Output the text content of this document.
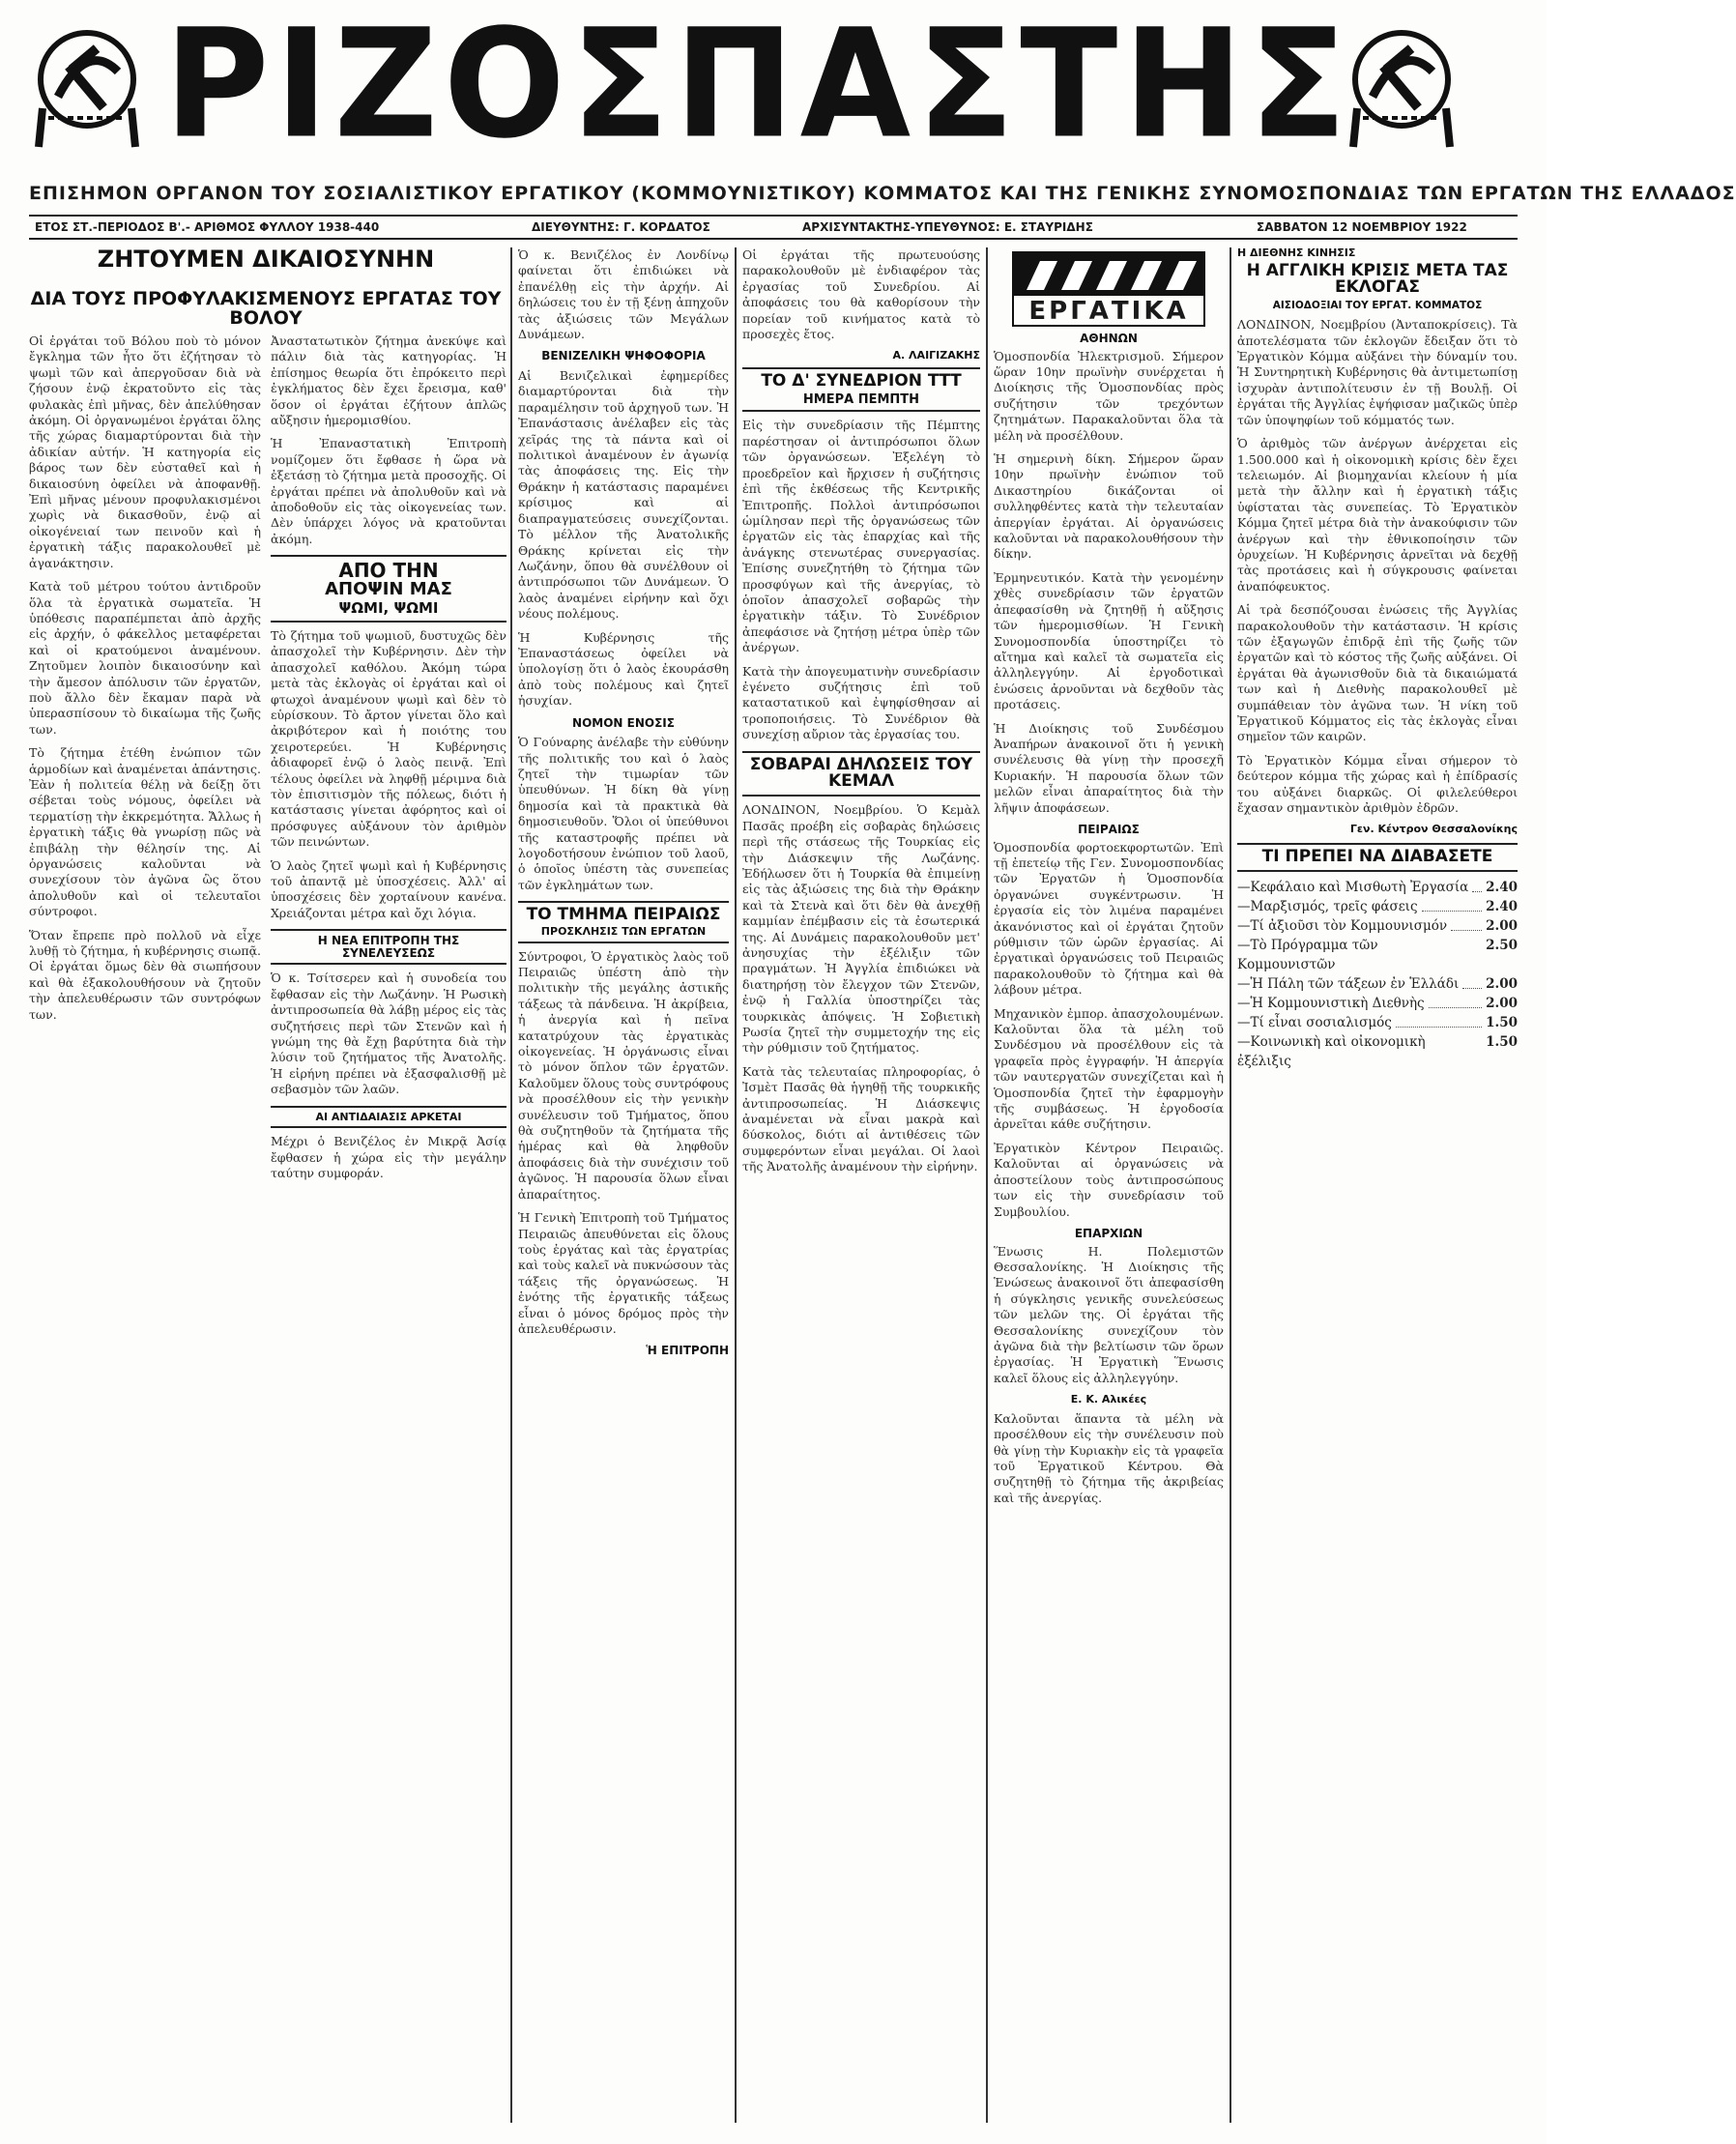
ΡΙΖΟΣΠΑΣΤΗΣ
ΕΠΙΣΗΜΟΝ ΟΡΓΑΝΟΝ ΤΟΥ ΣΟΣΙΑΛΙΣΤΙΚΟΥ ΕΡΓΑΤΙΚΟΥ (ΚΟΜΜΟΥΝΙΣΤΙΚΟΥ) ΚΟΜΜΑΤΟΣ ΚΑΙ ΤΗΣ ΓΕΝΙΚΗΣ ΣΥΝΟΜΟΣΠΟΝΔΙΑΣ ΤΩΝ ΕΡΓΑΤΩΝ ΤΗΣ ΕΛΛΑΔΟΣ
ΕΤΟΣ ΣΤ.-ΠΕΡΙΟΔΟΣ Β'.- ΑΡΙΘΜΟΣ ΦΥΛΛΟΥ 1938-440	ΔΙΕΥΘΥΝΤΗΣ: Γ. ΚΟΡΔΑΤΟΣ	ΑΡΧΙΣΥΝΤΑΚΤΗΣ-ΥΠΕΥΘΥΝΟΣ: Ε. ΣΤΑΥΡΙΔΗΣ	ΣΑΒΒΑΤΟΝ 12 ΝΟΕΜΒΡΙΟΥ 1922
ΖΗΤΟΥΜΕΝ ΔΙΚΑΙΟΣΥΝΗΝ
ΔΙΑ ΤΟΥΣ ΠΡΟΦΥΛΑΚΙΣΜΕΝΟΥΣ ΕΡΓΑΤΑΣ ΤΟΥ ΒΟΛΟΥ

Οἱ ἐργάται τοῦ Βόλου ποὺ τὸ μόνον ἔγκλημα τῶν ἦτο ὅτι ἐζήτησαν τὸ ψωμὶ τῶν καὶ ἀπεργοῦσαν διὰ νὰ ζήσουν ἐνῷ ἐκρατοῦντο εἰς τὰς φυλακὰς ἐπὶ μῆνας, δὲν ἀπελύθησαν ἀκόμη. Οἱ ὀργανωμένοι ἐργάται ὅλης τῆς χώρας διαμαρτύρονται διὰ τὴν ἀδικίαν αὐτήν. Ἡ κατηγορία εἰς βάρος των δὲν εὐσταθεῖ καὶ ἡ δικαιοσύνη ὀφείλει νὰ ἀποφανθῇ. Ἐπὶ μῆνας μένουν προφυλακισμένοι χωρὶς νὰ δικασθοῦν, ἐνῷ αἱ οἰκογένειαί των πεινοῦν καὶ ἡ ἐργατικὴ τάξις παρακολουθεῖ μὲ ἀγανάκτησιν.

Κατὰ τοῦ μέτρου τούτου ἀντιδροῦν ὅλα τὰ ἐργατικὰ σωματεῖα. Ἡ ὑπόθεσις παραπέμπεται ἀπὸ ἀρχῆς εἰς ἀρχήν, ὁ φάκελλος μεταφέρεται καὶ οἱ κρατούμενοι ἀναμένουν. Ζητοῦμεν λοιπὸν δικαιοσύνην καὶ τὴν ἄμεσον ἀπόλυσιν τῶν ἐργατῶν, ποὺ ἄλλο δὲν ἔκαμαν παρὰ νὰ ὑπερασπίσουν τὸ δικαίωμα τῆς ζωῆς των.

Τὸ ζήτημα ἐτέθη ἐνώπιον τῶν ἁρμοδίων καὶ ἀναμένεται ἀπάντησις. Ἐὰν ἡ πολιτεία θέλῃ νὰ δείξῃ ὅτι σέβεται τοὺς νόμους, ὀφείλει νὰ τερματίσῃ τὴν ἐκκρεμότητα. Ἄλλως ἡ ἐργατικὴ τάξις θὰ γνωρίσῃ πῶς νὰ ἐπιβάλῃ τὴν θέλησίν της. Αἱ ὀργανώσεις καλοῦνται νὰ συνεχίσουν τὸν ἀγῶνα ὣς ὅτου ἀπολυθοῦν καὶ οἱ τελευταῖοι σύντροφοι.

Ὅταν ἔπρεπε πρὸ πολλοῦ νὰ εἶχε λυθῇ τὸ ζήτημα, ἡ κυβέρνησις σιωπᾷ. Οἱ ἐργάται ὅμως δὲν θὰ σιωπήσουν καὶ θὰ ἐξακολουθήσουν νὰ ζητοῦν τὴν ἀπελευθέρωσιν τῶν συντρόφων των.

Ἀναστατωτικὸν ζήτημα ἀνεκύψε καὶ πάλιν διὰ τὰς κατηγορίας. Ἡ ἐπίσημος θεωρία ὅτι ἐπρόκειτο περὶ ἐγκλήματος δὲν ἔχει ἔρεισμα, καθ' ὅσον οἱ ἐργάται ἐζήτουν ἁπλῶς αὔξησιν ἡμερομισθίου.

Ἡ Ἐπαναστατικὴ Ἐπιτροπὴ νομίζομεν ὅτι ἔφθασε ἡ ὥρα νὰ ἐξετάσῃ τὸ ζήτημα μετὰ προσοχῆς. Οἱ ἐργάται πρέπει νὰ ἀπολυθοῦν καὶ νὰ ἀποδοθοῦν εἰς τὰς οἰκογενείας των. Δὲν ὑπάρχει λόγος νὰ κρατοῦνται ἀκόμη.

ΑΠΟ ΤΗΝ
ΑΠΟΨΙΝ ΜΑΣ
ΨΩΜΙ, ΨΩΜΙ

Τὸ ζήτημα τοῦ ψωμιοῦ, δυστυχῶς δὲν ἀπασχολεῖ τὴν Κυβέρνησιν. Δὲν τὴν ἀπασχολεῖ καθόλου. Ἀκόμη τώρα μετὰ τὰς ἐκλογὰς οἱ ἐργάται καὶ οἱ φτωχοὶ ἀναμένουν ψωμὶ καὶ δὲν τὸ εὑρίσκουν. Τὸ ἄρτον γίνεται ὅλο καὶ ἀκριβότερον καὶ ἡ ποιότης του χειροτερεύει. Ἡ Κυβέρνησις ἀδιαφορεῖ ἐνῷ ὁ λαὸς πεινᾷ. Ἐπὶ τέλους ὀφείλει νὰ ληφθῇ μέριμνα διὰ τὸν ἐπισιτισμὸν τῆς πόλεως, διότι ἡ κατάστασις γίνεται ἀφόρητος καὶ οἱ πρόσφυγες αὐξάνουν τὸν ἀριθμὸν τῶν πεινώντων.

Ὁ λαὸς ζητεῖ ψωμὶ καὶ ἡ Κυβέρνησις τοῦ ἀπαντᾷ μὲ ὑποσχέσεις. Ἀλλ' αἱ ὑποσχέσεις δὲν χορταίνουν κανένα. Χρειάζονται μέτρα καὶ ὄχι λόγια.

Η ΝΕΑ ΕΠΙΤΡΟΠΗ ΤΗΣ ΣΥΝΕΛΕΥΣΕΩΣ

Ὁ κ. Τσίτσερεν καὶ ἡ συνοδεία του ἔφθασαν εἰς τὴν Λωζάνην. Ἡ Ρωσικὴ ἀντιπροσωπεία θὰ λάβῃ μέρος εἰς τὰς συζητήσεις περὶ τῶν Στενῶν καὶ ἡ γνώμη της θὰ ἔχῃ βαρύτητα διὰ τὴν λύσιν τοῦ ζητήματος τῆς Ἀνατολῆς. Ἡ εἰρήνη πρέπει νὰ ἐξασφαλισθῇ μὲ σεβασμὸν τῶν λαῶν.

ΑΙ ΑΝΤΙΔΑΙΑΣΙΣ ΑΡΚΕΤΑΙ

Μέχρι ὁ Βενιζέλος ἐν Μικρᾷ Ἀσίᾳ ἔφθασεν ἡ χώρα εἰς τὴν μεγάλην ταύτην συμφοράν.

Ὁ κ. Βενιζέλος ἐν Λονδίνῳ φαίνεται ὅτι ἐπιδιώκει νὰ ἐπανέλθῃ εἰς τὴν ἀρχήν. Αἱ δηλώσεις του ἐν τῇ ξένῃ ἀπηχοῦν τὰς ἀξιώσεις τῶν Μεγάλων Δυνάμεων.

ΒΕΝΙΖΕΛΙΚΗ ΨΗΦΟΦΟΡΙΑ

Αἱ Βενιζελικαὶ ἐφημερίδες διαμαρτύρονται διὰ τὴν παραμέλησιν τοῦ ἀρχηγοῦ των. Ἡ Ἐπανάστασις ἀνέλαβεν εἰς τὰς χεῖράς της τὰ πάντα καὶ οἱ πολιτικοὶ ἀναμένουν ἐν ἀγωνίᾳ τὰς ἀποφάσεις της. Εἰς τὴν Θράκην ἡ κατάστασις παραμένει κρίσιμος καὶ αἱ διαπραγματεύσεις συνεχίζονται. Τὸ μέλλον τῆς Ἀνατολικῆς Θράκης κρίνεται εἰς τὴν Λωζάνην, ὅπου θὰ συνέλθουν οἱ ἀντιπρόσωποι τῶν Δυνάμεων. Ὁ λαὸς ἀναμένει εἰρήνην καὶ ὄχι νέους πολέμους.

Ἡ Κυβέρνησις τῆς Ἐπαναστάσεως ὀφείλει νὰ ὑπολογίσῃ ὅτι ὁ λαὸς ἐκουράσθη ἀπὸ τοὺς πολέμους καὶ ζητεῖ ἡσυχίαν.

ΝΟΜΟΝ ΕΝΟΣΙΣ

Ὁ Γούναρης ἀνέλαβε τὴν εὐθύνην τῆς πολιτικῆς του καὶ ὁ λαὸς ζητεῖ τὴν τιμωρίαν τῶν ὑπευθύνων. Ἡ δίκη θὰ γίνῃ δημοσία καὶ τὰ πρακτικὰ θὰ δημοσιευθοῦν. Ὅλοι οἱ ὑπεύθυνοι τῆς καταστροφῆς πρέπει νὰ λογοδοτήσουν ἐνώπιον τοῦ λαοῦ, ὁ ὁποῖος ὑπέστη τὰς συνεπείας τῶν ἐγκλημάτων των.

ΤΟ ΤΜΗΜΑ ΠΕΙΡΑΙΩΣ
ΠΡΟΣΚΛΗΣΙΣ ΤΩΝ ΕΡΓΑΤΩΝ

Σύντροφοι, Ὁ ἐργατικὸς λαὸς τοῦ Πειραιῶς ὑπέστη ἀπὸ τὴν πολιτικὴν τῆς μεγάλης ἀστικῆς τάξεως τὰ πάνδεινα. Ἡ ἀκρίβεια, ἡ ἀνεργία καὶ ἡ πεῖνα κατατρύχουν τὰς ἐργατικὰς οἰκογενείας. Ἡ ὀργάνωσις εἶναι τὸ μόνον ὅπλον τῶν ἐργατῶν. Καλοῦμεν ὅλους τοὺς συντρόφους νὰ προσέλθουν εἰς τὴν γενικὴν συνέλευσιν τοῦ Τμήματος, ὅπου θὰ συζητηθοῦν τὰ ζητήματα τῆς ἡμέρας καὶ θὰ ληφθοῦν ἀποφάσεις διὰ τὴν συνέχισιν τοῦ ἀγῶνος. Ἡ παρουσία ὅλων εἶναι ἀπαραίτητος.

Ἡ Γενικὴ Ἐπιτροπὴ τοῦ Τμήματος Πειραιῶς ἀπευθύνεται εἰς ὅλους τοὺς ἐργάτας καὶ τὰς ἐργατρίας καὶ τοὺς καλεῖ νὰ πυκνώσουν τὰς τάξεις τῆς ὀργανώσεως. Ἡ ἑνότης τῆς ἐργατικῆς τάξεως εἶναι ὁ μόνος δρόμος πρὸς τὴν ἀπελευθέρωσιν.

Ἡ ΕΠΙΤΡΟΠΗ

Οἱ ἐργάται τῆς πρωτευούσης παρακολουθοῦν μὲ ἐνδιαφέρον τὰς ἐργασίας τοῦ Συνεδρίου. Αἱ ἀποφάσεις του θὰ καθορίσουν τὴν πορείαν τοῦ κινήματος κατὰ τὸ προσεχὲς ἔτος.

Α. ΛΑΙΓΙΖΑΚΗΣ
ΤΟ Δ' ΣΥΝΕΔΡΙΟΝ ΤΤΤ
ΗΜΕΡΑ ΠΕΜΠΤΗ

Εἰς τὴν συνεδρίασιν τῆς Πέμπτης παρέστησαν οἱ ἀντιπρόσωποι ὅλων τῶν ὀργανώσεων. Ἐξελέγη τὸ προεδρεῖον καὶ ἤρχισεν ἡ συζήτησις ἐπὶ τῆς ἐκθέσεως τῆς Κεντρικῆς Ἐπιτροπῆς. Πολλοὶ ἀντιπρόσωποι ὡμίλησαν περὶ τῆς ὀργανώσεως τῶν ἐργατῶν εἰς τὰς ἐπαρχίας καὶ τῆς ἀνάγκης στενωτέρας συνεργασίας. Ἐπίσης συνεζητήθη τὸ ζήτημα τῶν προσφύγων καὶ τῆς ἀνεργίας, τὸ ὁποῖον ἀπασχολεῖ σοβαρῶς τὴν ἐργατικὴν τάξιν. Τὸ Συνέδριον ἀπεφάσισε νὰ ζητήσῃ μέτρα ὑπὲρ τῶν ἀνέργων.

Κατὰ τὴν ἀπογευματινὴν συνεδρίασιν ἐγένετο συζήτησις ἐπὶ τοῦ καταστατικοῦ καὶ ἐψηφίσθησαν αἱ τροποποιήσεις. Τὸ Συνέδριον θὰ συνεχίσῃ αὔριον τὰς ἐργασίας του.

ΣΟΒΑΡΑΙ ΔΗΛΩΣΕΙΣ ΤΟΥ ΚΕΜΑΛ

ΛΟΝΔΙΝΟΝ, Νοεμβρίου. Ὁ Κεμὰλ Πασᾶς προέβη εἰς σοβαρὰς δηλώσεις περὶ τῆς στάσεως τῆς Τουρκίας εἰς τὴν Διάσκεψιν τῆς Λωζάνης. Ἐδήλωσεν ὅτι ἡ Τουρκία θὰ ἐπιμείνῃ εἰς τὰς ἀξιώσεις της διὰ τὴν Θράκην καὶ τὰ Στενὰ καὶ ὅτι δὲν θὰ ἀνεχθῇ καμμίαν ἐπέμβασιν εἰς τὰ ἐσωτερικά της. Αἱ Δυνάμεις παρακολουθοῦν μετ' ἀνησυχίας τὴν ἐξέλιξιν τῶν πραγμάτων. Ἡ Ἀγγλία ἐπιδιώκει νὰ διατηρήσῃ τὸν ἔλεγχον τῶν Στενῶν, ἐνῷ ἡ Γαλλία ὑποστηρίζει τὰς τουρκικὰς ἀπόψεις. Ἡ Σοβιετικὴ Ρωσία ζητεῖ τὴν συμμετοχήν της εἰς τὴν ρύθμισιν τοῦ ζητήματος.

Κατὰ τὰς τελευταίας πληροφορίας, ὁ Ἰσμὲτ Πασᾶς θὰ ἡγηθῇ τῆς τουρκικῆς ἀντιπροσωπείας. Ἡ Διάσκεψις ἀναμένεται νὰ εἶναι μακρὰ καὶ δύσκολος, διότι αἱ ἀντιθέσεις τῶν συμφερόντων εἶναι μεγάλαι. Οἱ λαοὶ τῆς Ἀνατολῆς ἀναμένουν τὴν εἰρήνην.

ΕΡΓΑΤΙΚΑ
ΑΘΗΝΩΝ

Ὁμοσπονδία Ἠλεκτρισμοῦ. Σήμερον ὥραν 10ην πρωϊνὴν συνέρχεται ἡ Διοίκησις τῆς Ὁμοσπονδίας πρὸς συζήτησιν τῶν τρεχόντων ζητημάτων. Παρακαλοῦνται ὅλα τὰ μέλη νὰ προσέλθουν.

Ἡ σημερινὴ δίκη. Σήμερον ὥραν 10ην πρωϊνὴν ἐνώπιον τοῦ Δικαστηρίου δικάζονται οἱ συλληφθέντες κατὰ τὴν τελευταίαν ἀπεργίαν ἐργάται. Αἱ ὀργανώσεις καλοῦνται νὰ παρακολουθήσουν τὴν δίκην.

Ἐρμηνευτικόν. Κατὰ τὴν γενομένην χθὲς συνεδρίασιν τῶν ἐργατῶν ἀπεφασίσθη νὰ ζητηθῇ ἡ αὔξησις τῶν ἡμερομισθίων. Ἡ Γενικὴ Συνομοσπονδία ὑποστηρίζει τὸ αἴτημα καὶ καλεῖ τὰ σωματεῖα εἰς ἀλληλεγγύην. Αἱ ἐργοδοτικαὶ ἑνώσεις ἀρνοῦνται νὰ δεχθοῦν τὰς προτάσεις.

Ἡ Διοίκησις τοῦ Συνδέσμου Ἀναπήρων ἀνακοινοῖ ὅτι ἡ γενικὴ συνέλευσις θὰ γίνῃ τὴν προσεχῆ Κυριακήν. Ἡ παρουσία ὅλων τῶν μελῶν εἶναι ἀπαραίτητος διὰ τὴν λῆψιν ἀποφάσεων.

ΠΕΙΡΑΙΩΣ

Ὁμοσπονδία φορτοεκφορτωτῶν. Ἐπὶ τῇ ἐπετείῳ τῆς Γεν. Συνομοσπονδίας τῶν Ἐργατῶν ἡ Ὁμοσπονδία ὀργανώνει συγκέντρωσιν. Ἡ ἐργασία εἰς τὸν λιμένα παραμένει ἀκανόνιστος καὶ οἱ ἐργάται ζητοῦν ρύθμισιν τῶν ὡρῶν ἐργασίας. Αἱ ἐργατικαὶ ὀργανώσεις τοῦ Πειραιῶς παρακολουθοῦν τὸ ζήτημα καὶ θὰ λάβουν μέτρα.

Μηχανικὸν ἐμπορ. ἀπασχολουμένων. Καλοῦνται ὅλα τὰ μέλη τοῦ Συνδέσμου νὰ προσέλθουν εἰς τὰ γραφεῖα πρὸς ἐγγραφήν. Ἡ ἀπεργία τῶν ναυτεργατῶν συνεχίζεται καὶ ἡ Ὁμοσπονδία ζητεῖ τὴν ἐφαρμογὴν τῆς συμβάσεως. Ἡ ἐργοδοσία ἀρνεῖται κάθε συζήτησιν.

Ἐργατικὸν Κέντρον Πειραιῶς. Καλοῦνται αἱ ὀργανώσεις νὰ ἀποστείλουν τοὺς ἀντιπροσώπους των εἰς τὴν συνεδρίασιν τοῦ Συμβουλίου.

ΕΠΑΡΧΙΩΝ

Ἕνωσις Η. Πολεμιστῶν Θεσσαλονίκης. Ἡ Διοίκησις τῆς Ἑνώσεως ἀνακοινοῖ ὅτι ἀπεφασίσθη ἡ σύγκλησις γενικῆς συνελεύσεως τῶν μελῶν της. Οἱ ἐργάται τῆς Θεσσαλονίκης συνεχίζουν τὸν ἀγῶνα διὰ τὴν βελτίωσιν τῶν ὅρων ἐργασίας. Ἡ Ἐργατικὴ Ἕνωσις καλεῖ ὅλους εἰς ἀλληλεγγύην.

Ε. Κ. Αλικέες

Καλοῦνται ἅπαντα τὰ μέλη νὰ προσέλθουν εἰς τὴν συνέλευσιν ποὺ θὰ γίνῃ τὴν Κυριακὴν εἰς τὰ γραφεῖα τοῦ Ἐργατικοῦ Κέντρου. Θὰ συζητηθῇ τὸ ζήτημα τῆς ἀκριβείας καὶ τῆς ἀνεργίας.

Η ΔΙΕΘΝΗΣ ΚΙΝΗΣΙΣ
Η ΑΓΓΛΙΚΗ ΚΡΙΣΙΣ ΜΕΤΑ ΤΑΣ ΕΚΛΟΓΑΣ
ΑΙΣΙΟΔΟΞΙΑΙ ΤΟΥ ΕΡΓΑΤ. ΚΟΜΜΑΤΟΣ

ΛΟΝΔΙΝΟΝ, Νοεμβρίου (Ἀνταποκρίσεις). Τὰ ἀποτελέσματα τῶν ἐκλογῶν ἔδειξαν ὅτι τὸ Ἐργατικὸν Κόμμα αὐξάνει τὴν δύναμίν του. Ἡ Συντηρητικὴ Κυβέρνησις θὰ ἀντιμετωπίσῃ ἰσχυρὰν ἀντιπολίτευσιν ἐν τῇ Βουλῇ. Οἱ ἐργάται τῆς Ἀγγλίας ἐψήφισαν μαζικῶς ὑπὲρ τῶν ὑποψηφίων τοῦ κόμματός των.

Ὁ ἀριθμὸς τῶν ἀνέργων ἀνέρχεται εἰς 1.500.000 καὶ ἡ οἰκονομικὴ κρίσις δὲν ἔχει τελειωμόν. Αἱ βιομηχανίαι κλείουν ἡ μία μετὰ τὴν ἄλλην καὶ ἡ ἐργατικὴ τάξις ὑφίσταται τὰς συνεπείας. Τὸ Ἐργατικὸν Κόμμα ζητεῖ μέτρα διὰ τὴν ἀνακούφισιν τῶν ἀνέργων καὶ τὴν ἐθνικοποίησιν τῶν ὀρυχείων. Ἡ Κυβέρνησις ἀρνεῖται νὰ δεχθῇ τὰς προτάσεις καὶ ἡ σύγκρουσις φαίνεται ἀναπόφευκτος.

Αἱ τρὰ δεσπόζουσαι ἐνώσεις τῆς Ἀγγλίας παρακολουθοῦν τὴν κατάστασιν. Ἡ κρίσις τῶν ἐξαγωγῶν ἐπιδρᾷ ἐπὶ τῆς ζωῆς τῶν ἐργατῶν καὶ τὸ κόστος τῆς ζωῆς αὐξάνει. Οἱ ἐργάται θὰ ἀγωνισθοῦν διὰ τὰ δικαιώματά των καὶ ἡ Διεθνὴς παρακολουθεῖ μὲ συμπάθειαν τὸν ἀγῶνα των. Ἡ νίκη τοῦ Ἐργατικοῦ Κόμματος εἰς τὰς ἐκλογὰς εἶναι σημεῖον τῶν καιρῶν.

Τὸ Ἐργατικὸν Κόμμα εἶναι σήμερον τὸ δεύτερον κόμμα τῆς χώρας καὶ ἡ ἐπίδρασίς του αὐξάνει διαρκῶς. Οἱ φιλελεύθεροι ἔχασαν σημαντικὸν ἀριθμὸν ἐδρῶν.

Γεν. Κέντρον Θεσσαλονίκης
ΤΙ ΠΡΕΠΕΙ ΝΑ ΔΙΑΒΑΣΕΤΕ
—Κεφάλαιο καὶ Μισθωτὴ Ἐργασία 2.40
—Μαρξισμός, τρεῖς φάσεις	2.40
—Τί ἀξιοῦσι τὸν Κομμουνισμόν	2.00
—Τὸ Πρόγραμμα τῶν Κομμουνιστῶν
2.50
—Ἡ Πάλη τῶν τάξεων ἐν Ἑλλάδι 2.00
—Ἡ Κομμουνιστικὴ Διεθνὴς	2.00
—Τί εἶναι σοσιαλισμός	1.50
—Κοινωνικὴ καὶ οἰκονομικὴ ἐξέλιξις
1.50
